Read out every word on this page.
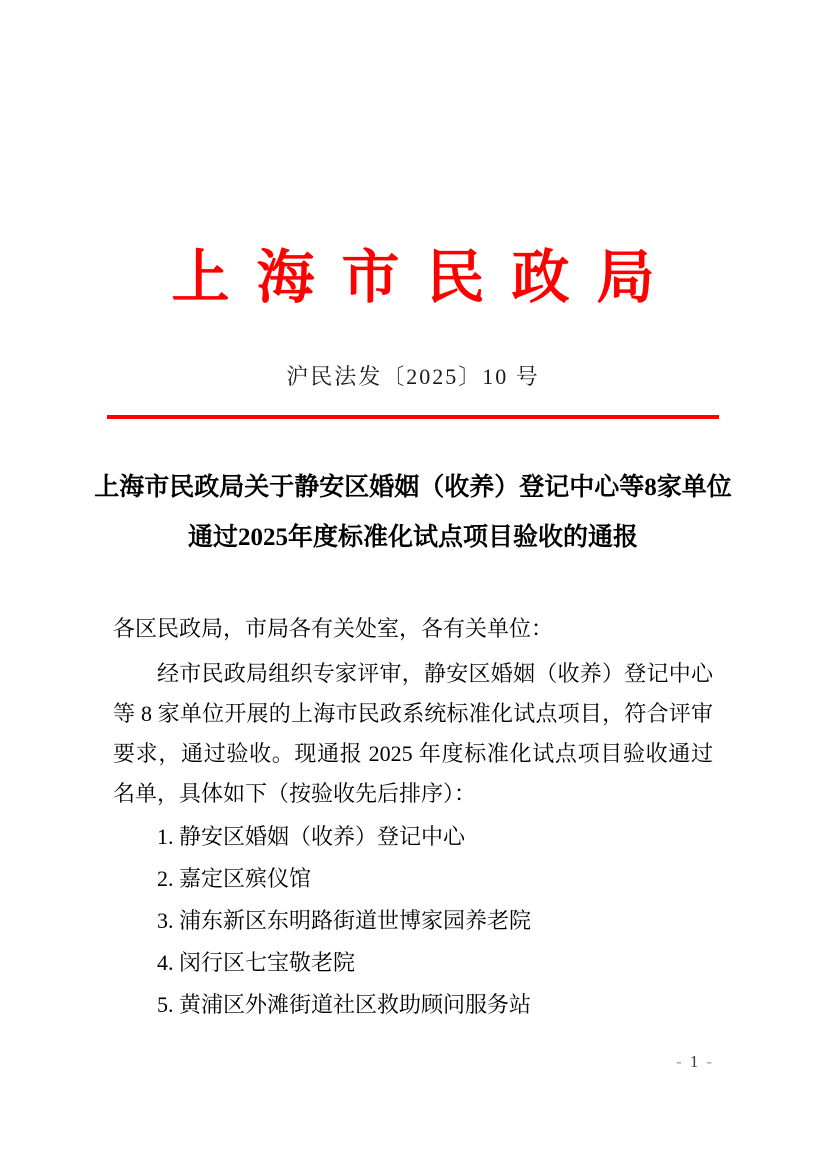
上海市民政局
沪民法发〔2025〕10 号
上海市民政局关于静安区婚姻（收养）登记中心等8家单位
通过2025年度标准化试点项目验收的通报

各区民政局，市局各有关处室，各有关单位：

经市民政局组织专家评审，静安区婚姻（收养）登记中心等 8 家单位开展的上海市民政系统标准化试点项目，符合评审要求，通过验收。现通报 2025 年度标准化试点项目验收通过名单，具体如下（按验收先后排序）：

1. 静安区婚姻（收养）登记中心
2. 嘉定区殡仪馆
3. 浦东新区东明路街道世博家园养老院
4. 闵行区七宝敬老院
5. 黄浦区外滩街道社区救助顾问服务站
- 1 -
